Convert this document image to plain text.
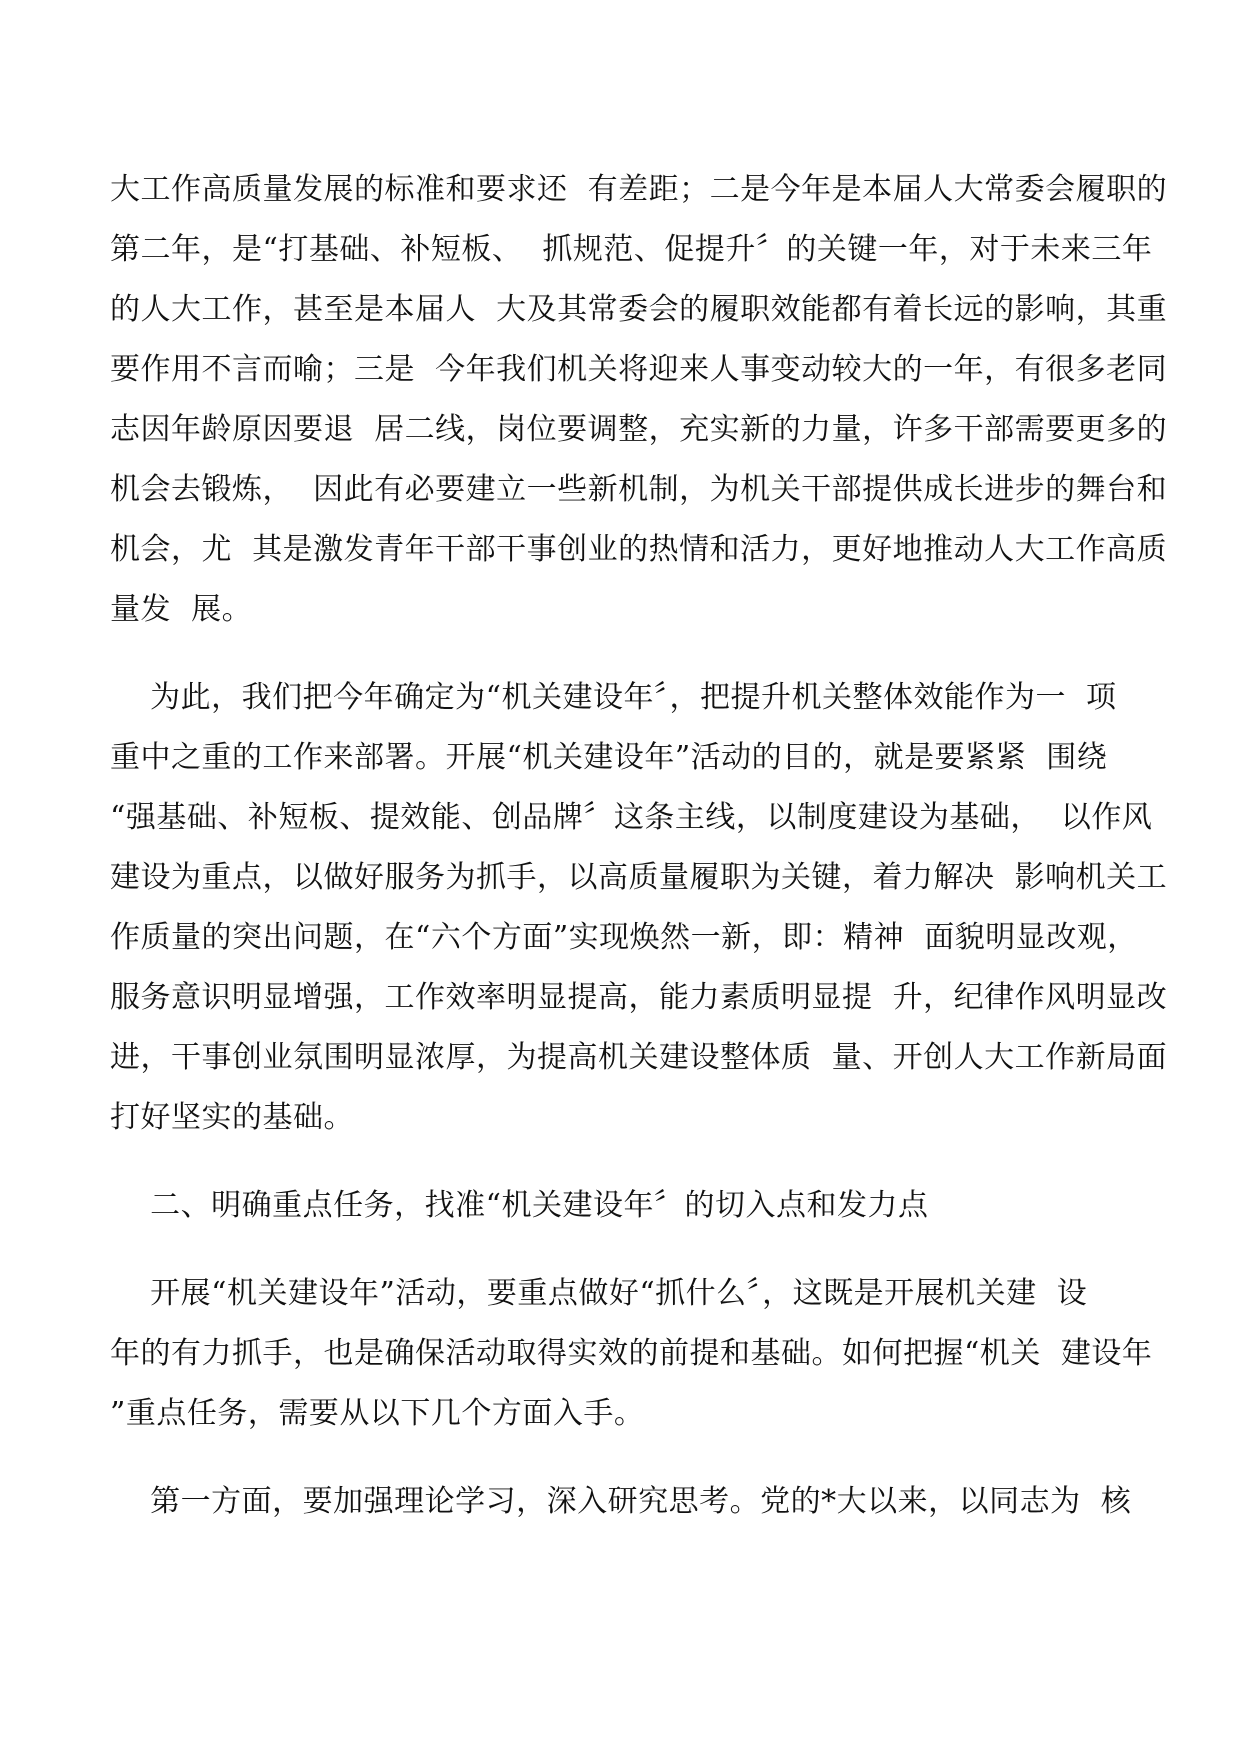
大工作高质量发展的标准和要求还  有差距；二是今年是本届人大常委会履职的
第二年，是“打基础、补短板、  抓规范、促提升〞的关键一年，对于未来三年
的人大工作，甚至是本届人  大及其常委会的履职效能都有着长远的影响，其重
要作用不言而喻；三是  今年我们机关将迎来人事变动较大的一年，有很多老同
志因年龄原因要退  居二线，岗位要调整，充实新的力量，许多干部需要更多的
机会去锻炼，  因此有必要建立一些新机制，为机关干部提供成长进步的舞台和
机会，尤  其是激发青年干部干事创业的热情和活力，更好地推动人大工作高质
量发  展。
为此，我们把今年确定为“机关建设年〞，把提升机关整体效能作为一  项
重中之重的工作来部署。开展“机关建设年”活动的目的，就是要紧紧  围绕
“强基础、补短板、提效能、创品牌〞这条主线，以制度建设为基础，  以作风
建设为重点，以做好服务为抓手，以高质量履职为关键，着力解决  影响机关工
作质量的突出问题，在“六个方面”实现焕然一新，即：精神  面貌明显改观，
服务意识明显增强，工作效率明显提高，能力素质明显提  升，纪律作风明显改
进，干事创业氛围明显浓厚，为提高机关建设整体质  量、开创人大工作新局面
打好坚实的基础。
二、明确重点任务，找准“机关建设年〞的切入点和发力点
开展“机关建设年”活动，要重点做好“抓什么〞，这既是开展机关建  设
年的有力抓手，也是确保活动取得实效的前提和基础。如何把握“机关  建设年
”重点任务，需要从以下几个方面入手。
第一方面，要加强理论学习，深入研究思考。党的*大以来，以同志为  核
